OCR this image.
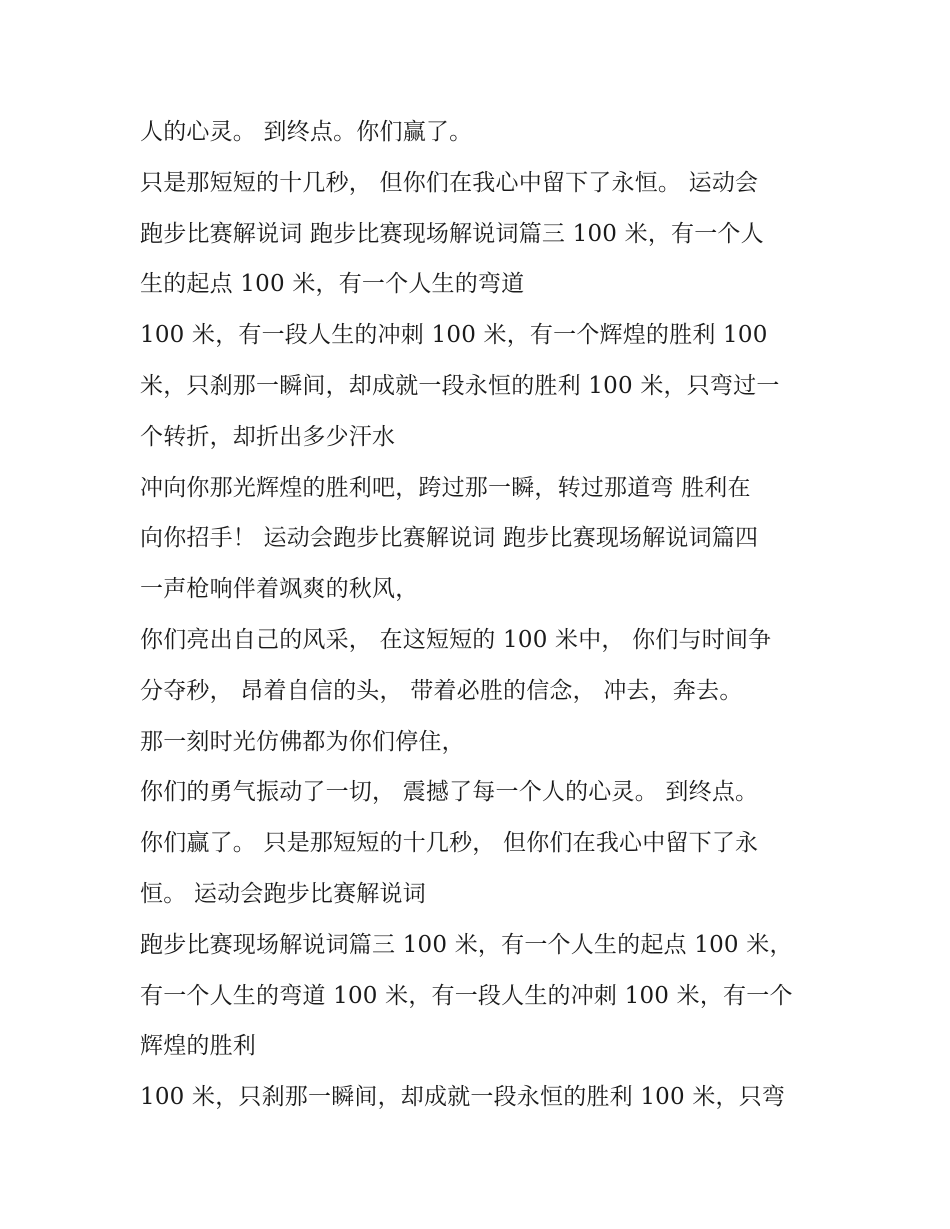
人的心灵。 到终点。你们赢了。
只是那短短的十几秒， 但你们在我心中留下了永恒。 运动会
跑步比赛解说词 跑步比赛现场解说词篇三 100 米，有一个人
生的起点 100 米，有一个人生的弯道
100 米，有一段人生的冲刺 100 米，有一个辉煌的胜利 100
米，只刹那一瞬间，却成就一段永恒的胜利 100 米，只弯过一
个转折，却折出多少汗水
冲向你那光辉煌的胜利吧，跨过那一瞬，转过那道弯 胜利在
向你招手！ 运动会跑步比赛解说词 跑步比赛现场解说词篇四
一声枪响伴着飒爽的秋风，
你们亮出自己的风采， 在这短短的 100 米中， 你们与时间争
分夺秒， 昂着自信的头， 带着必胜的信念， 冲去，奔去。
那一刻时光仿佛都为你们停住，
你们的勇气振动了一切， 震撼了每一个人的心灵。 到终点。
你们赢了。 只是那短短的十几秒， 但你们在我心中留下了永
恒。 运动会跑步比赛解说词
跑步比赛现场解说词篇三 100 米，有一个人生的起点 100 米，
有一个人生的弯道 100 米，有一段人生的冲刺 100 米，有一个
辉煌的胜利
100 米，只刹那一瞬间，却成就一段永恒的胜利 100 米，只弯
